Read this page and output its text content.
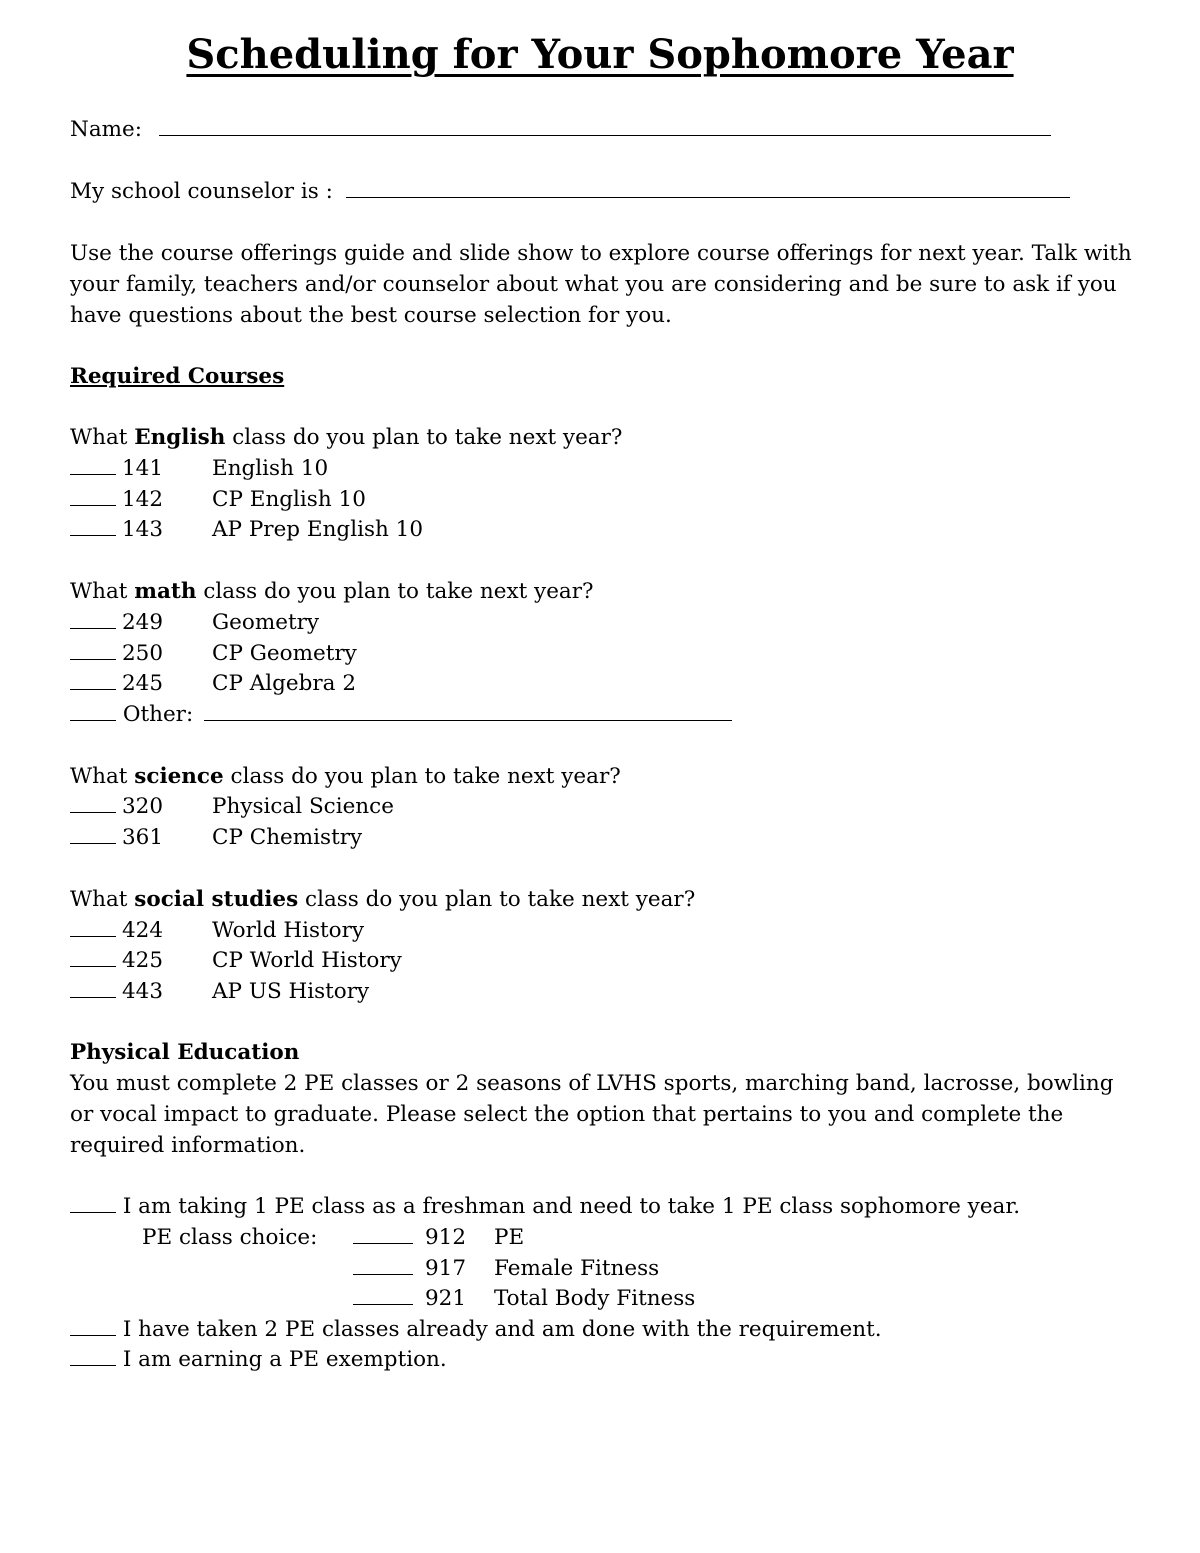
Scheduling for Your Sophomore Year
Name:
My school counselor is :
Use the course offerings guide and slide show to explore course offerings for next year. Talk with your family, teachers and/or counselor about what you are considering and be sure to ask if you have questions about the best course selection for you.
Required Courses
What English class do you plan to take next year?
141 English 10
142 CP English 10
143 AP Prep English 10
What math class do you plan to take next year?
249 Geometry
250 CP Geometry
245 CP Algebra 2
Other:
What science class do you plan to take next year?
320 Physical Science
361 CP Chemistry
What social studies class do you plan to take next year?
424 World History
425 CP World History
443 AP US History
Physical Education
You must complete 2 PE classes or 2 seasons of LVHS sports, marching band, lacrosse, bowling or vocal impact to graduate. Please select the option that pertains to you and complete the required information.
I am taking 1 PE class as a freshman and need to take 1 PE class sophomore year.
PE class choice:	912 PE
917 Female Fitness
921 Total Body Fitness
I have taken 2 PE classes already and am done with the requirement.
I am earning a PE exemption.
